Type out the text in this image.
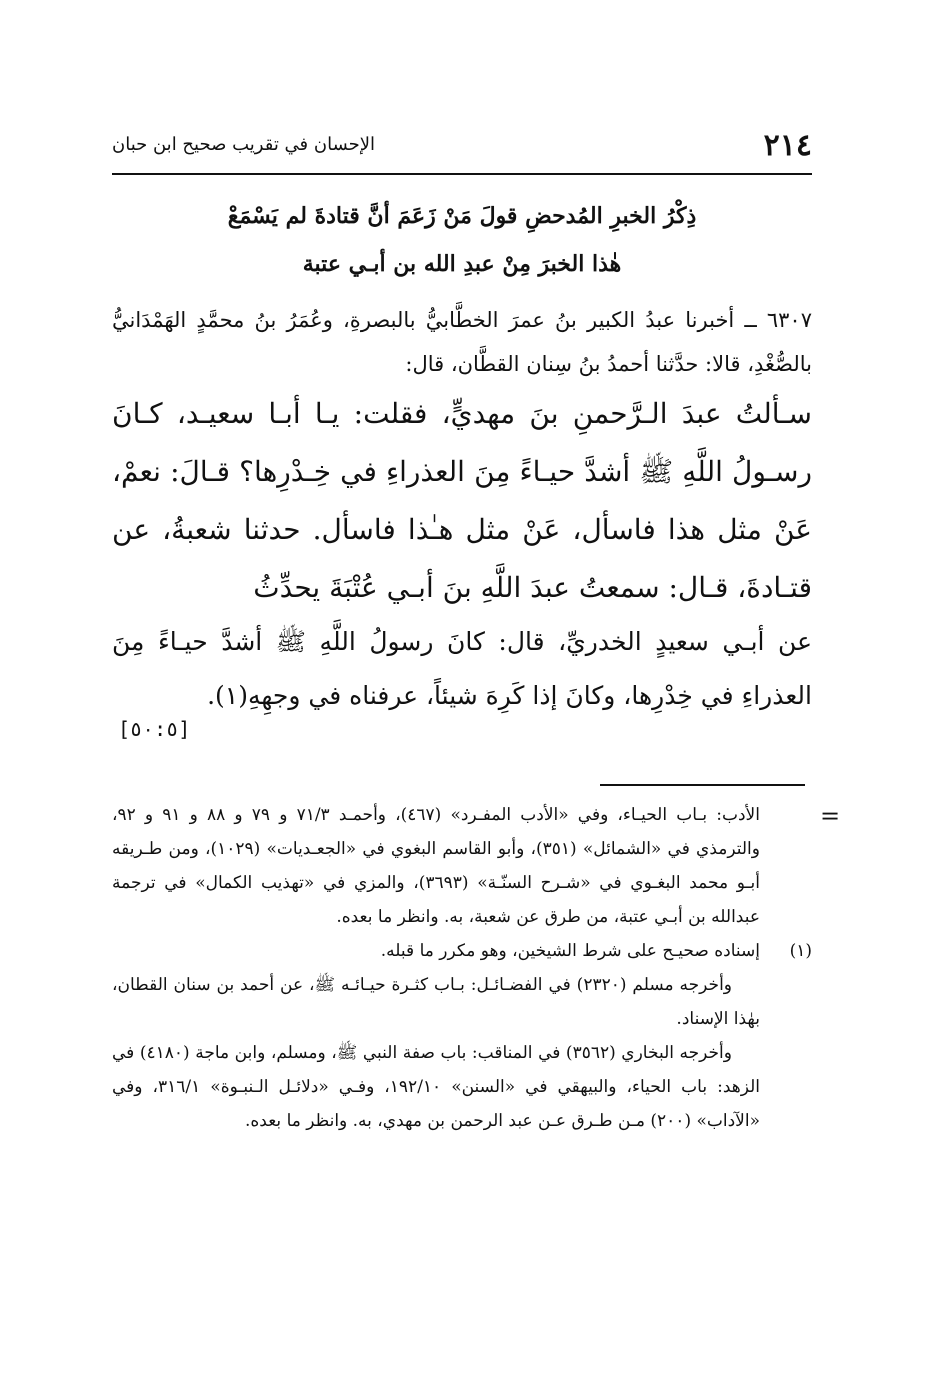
٢١٤
الإحسان في تقريب صحيح ابن حبان
ذِكْرُ الخبرِ المُدحضِ قولَ مَنْ زَعَمَ أنَّ قتادةَ لم يَسْمَعْ
هٰذا الخبرَ مِنْ عبدِ الله بن أبـي عتبة
٦٣٠٧ ــ أخبرنا عبدُ الكبير بنُ عمرَ الخطَّابيُّ بالبصرةِ، وعُمَرُ بنُ محمَّدٍ الهَمْدَانيُّ بالصُّغْدِ، قالا: حدَّثنا أحمدُ بنُ سِنان القطَّان، قال:
سـألتُ عبدَ الـرَّحمنِ بنَ مهديٍّ، فقلت: يـا أبـا سعيـد، كـانَ رسـولُ اللَّهِ ﷺ أشدَّ حيـاءً مِنَ العذراءِ في خِـدْرِها؟ قـالَ: نعمْ، عَنْ مثل هذا فاسأل، عَنْ مثل هـٰذا فاسأل. حدثنا شعبةُ، عن قتـادةَ، قـال: سمعتُ عبدَ اللَّهِ بنَ أبـي عُتْبَةَ يحدِّثُ
عن أبـي سعيدٍ الخدريِّ، قال: كانَ رسولُ اللَّهِ ﷺ أشدَّ حيـاءً مِنَ العذراءِ في خِدْرِها، وكانَ إذا كَرِهَ شيئاً، عرفناه في وجهِهِ(١).
[٥٠:٥]
=
الأدب: بـاب الحيـاء، وفي «الأدب المفـرد» (٤٦٧)، وأحمـد ٧١/٣ و ٧٩ و ٨٨ و ٩١ و ٩٢، والترمذي في «الشمائل» (٣٥١)، وأبو القاسم البغوي في «الجعـديات» (١٠٢٩)، ومن طـريقه أبـو محمد البغـوي في «شـرح السنّـة» (٣٦٩٣)، والمزي في «تهذيب الكمال» في ترجمة عبدالله بن أبـي عتبة، من طرق عن شعبة، به. وانظر ما بعده.
(١)
إسناده صحيـح على شرط الشيخين، وهو مكرر ما قبله.
وأخرجه مسلم (٢٣٢٠) في الفضـائـل: بـاب كثـرة حيـائـه ﷺ، عن أحمد بن سنان القطان، بهٰذا الإسناد.
وأخرجه البخاري (٣٥٦٢) في المناقب: باب صفة النبي ﷺ، ومسلم، وابن ماجة (٤١٨٠) في الزهد: باب الحياء، والبيهقي في «السنن» ١٩٢/١٠، وفـي «دلائـل الـنبـوة» ٣١٦/١، وفي «الآداب» (٢٠٠) مـن طـرق عـن عبد الرحمن بن مهدي، به. وانظر ما بعده.
